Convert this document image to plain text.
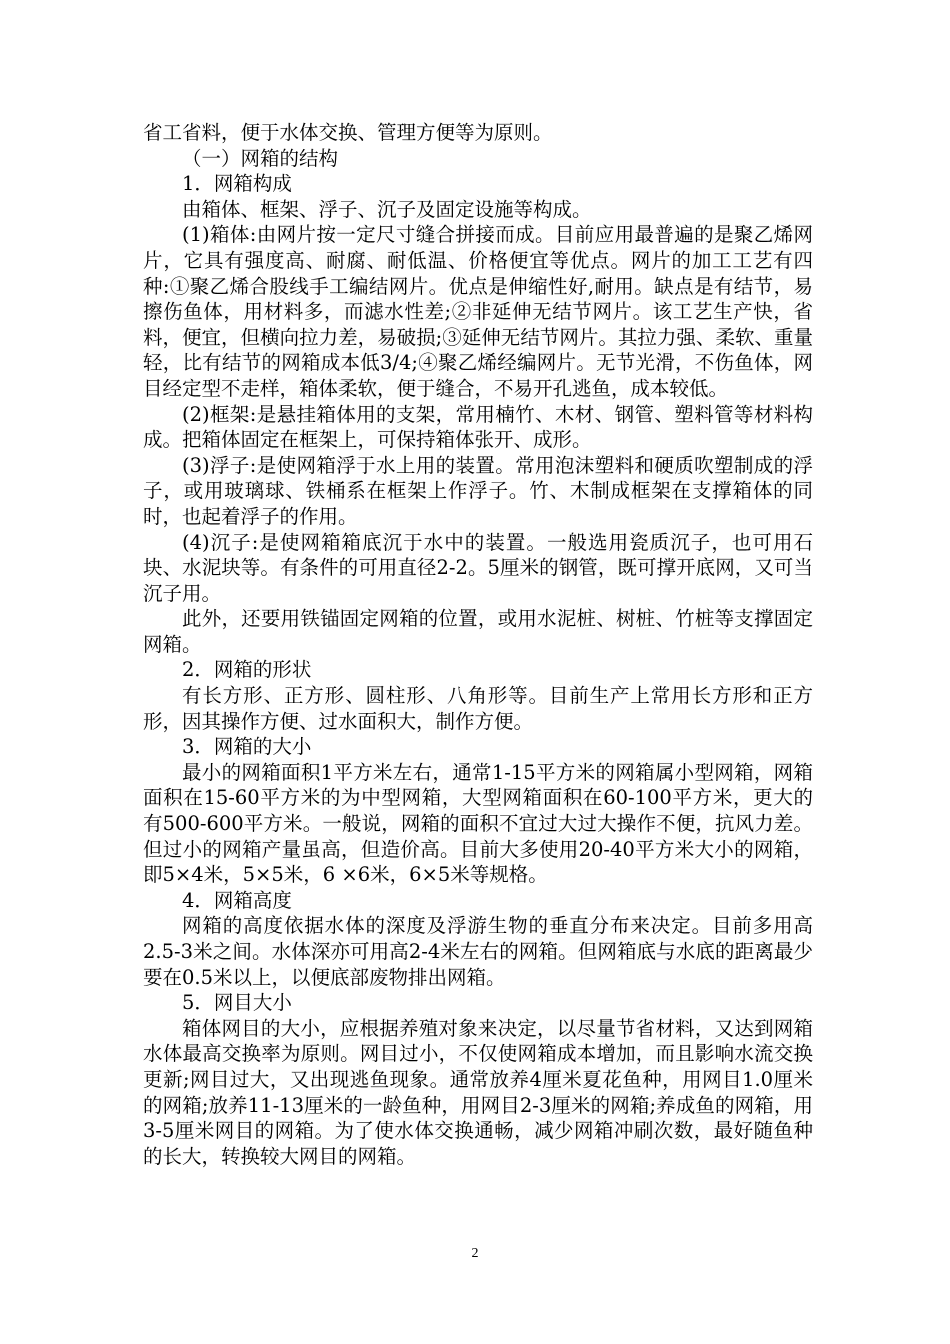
省工省料，便于水体交换、管理方便等为原则。

（一）网箱的结构

1．网箱构成

由箱体、框架、浮子、沉子及固定设施等构成。

(1)箱体:由网片按一定尺寸缝合拼接而成。目前应用最普遍的是聚乙烯网片，它具有强度高、耐腐、耐低温、价格便宜等优点。网片的加工工艺有四种:①聚乙烯合股线手工编结网片。优点是伸缩性好,耐用。缺点是有结节，易擦伤鱼体，用材料多，而滤水性差;②非延伸无结节网片。该工艺生产快，省料，便宜，但横向拉力差，易破损;③延伸无结节网片。其拉力强、柔软、重量轻，比有结节的网箱成本低3/4;④聚乙烯经编网片。无节光滑，不伤鱼体，网目经定型不走样，箱体柔软，便于缝合，不易开孔逃鱼，成本较低。

(2)框架:是悬挂箱体用的支架，常用楠竹、木材、钢管、塑料管等材料构成。把箱体固定在框架上，可保持箱体张开、成形。

(3)浮子:是使网箱浮于水上用的装置。常用泡沫塑料和硬质吹塑制成的浮子，或用玻璃球、铁桶系在框架上作浮子。竹、木制成框架在支撑箱体的同时，也起着浮子的作用。

(4)沉子:是使网箱箱底沉于水中的装置。一般选用瓷质沉子，也可用石块、水泥块等。有条件的可用直径2-2。5厘米的钢管，既可撑开底网，又可当沉子用。

此外，还要用铁锚固定网箱的位置，或用水泥桩、树桩、竹桩等支撑固定网箱。

2．网箱的形状

有长方形、正方形、圆柱形、八角形等。目前生产上常用长方形和正方形，因其操作方便、过水面积大，制作方便。

3．网箱的大小

最小的网箱面积1平方米左右，通常1-15平方米的网箱属小型网箱，网箱面积在15-60平方米的为中型网箱，大型网箱面积在60-100平方米，更大的有500-600平方米。一般说，网箱的面积不宜过大过大操作不便，抗风力差。但过小的网箱产量虽高，但造价高。目前大多使用20-40平方米大小的网箱，即5×4米，5×5米，6 ×6米，6×5米等规格。

4．网箱高度

网箱的高度依据水体的深度及浮游生物的垂直分布来决定。目前多用高2.5-3米之间。水体深亦可用高2-4米左右的网箱。但网箱底与水底的距离最少要在0.5米以上，以便底部废物排出网箱。

5．网目大小

箱体网目的大小，应根据养殖对象来决定，以尽量节省材料，又达到网箱水体最高交换率为原则。网目过小，不仅使网箱成本增加，而且影响水流交换更新;网目过大，又出现逃鱼现象。通常放养4厘米夏花鱼种，用网目1.0厘米的网箱;放养11-13厘米的一龄鱼种，用网目2-3厘米的网箱;养成鱼的网箱，用3-5厘米网目的网箱。为了使水体交换通畅，减少网箱冲刷次数，最好随鱼种的长大，转换较大网目的网箱。

2
